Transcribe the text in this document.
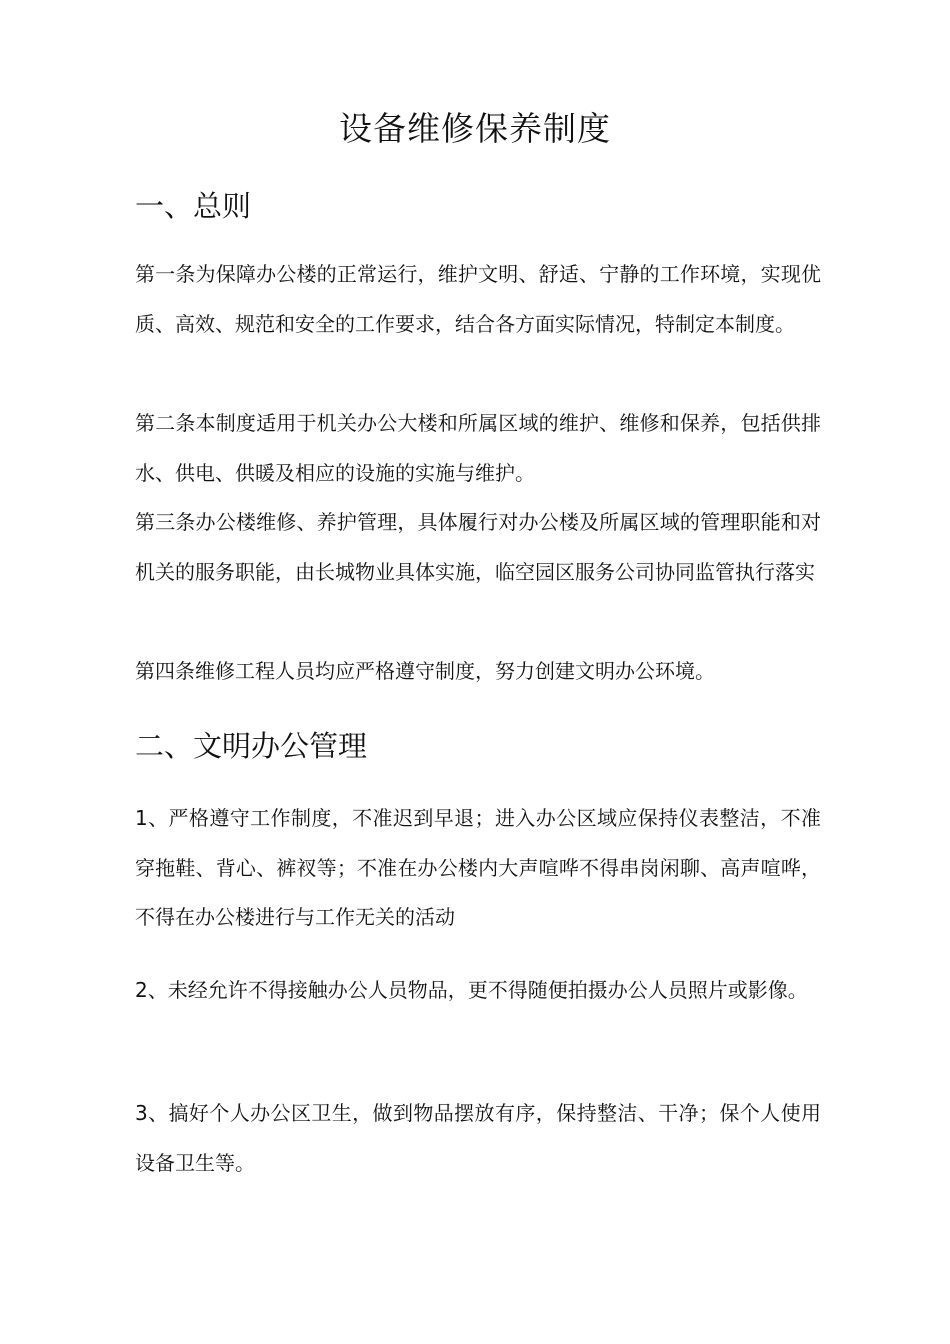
设备维修保养制度
一、总则

第一条为保障办公楼的正常运行，维护文明、舒适、宁静的工作环境，实现优质、高效、规范和安全的工作要求，结合各方面实际情况，特制定本制度。

第二条本制度适用于机关办公大楼和所属区域的维护、维修和保养，包括供排水、供电、供暖及相应的设施的实施与维护。

第三条办公楼维修、养护管理，具体履行对办公楼及所属区域的管理职能和对机关的服务职能，由长城物业具体实施，临空园区服务公司协同监管执行落实

第四条维修工程人员均应严格遵守制度，努力创建文明办公环境。

二、文明办公管理

1、严格遵守工作制度，不准迟到早退；进入办公区域应保持仪表整洁，不准穿拖鞋、背心、裤衩等；不准在办公楼内大声喧哗不得串岗闲聊、高声喧哗，不得在办公楼进行与工作无关的活动

2、未经允许不得接触办公人员物品，更不得随便拍摄办公人员照片或影像。

3、搞好个人办公区卫生，做到物品摆放有序，保持整洁、干净；保个人使用设备卫生等。
